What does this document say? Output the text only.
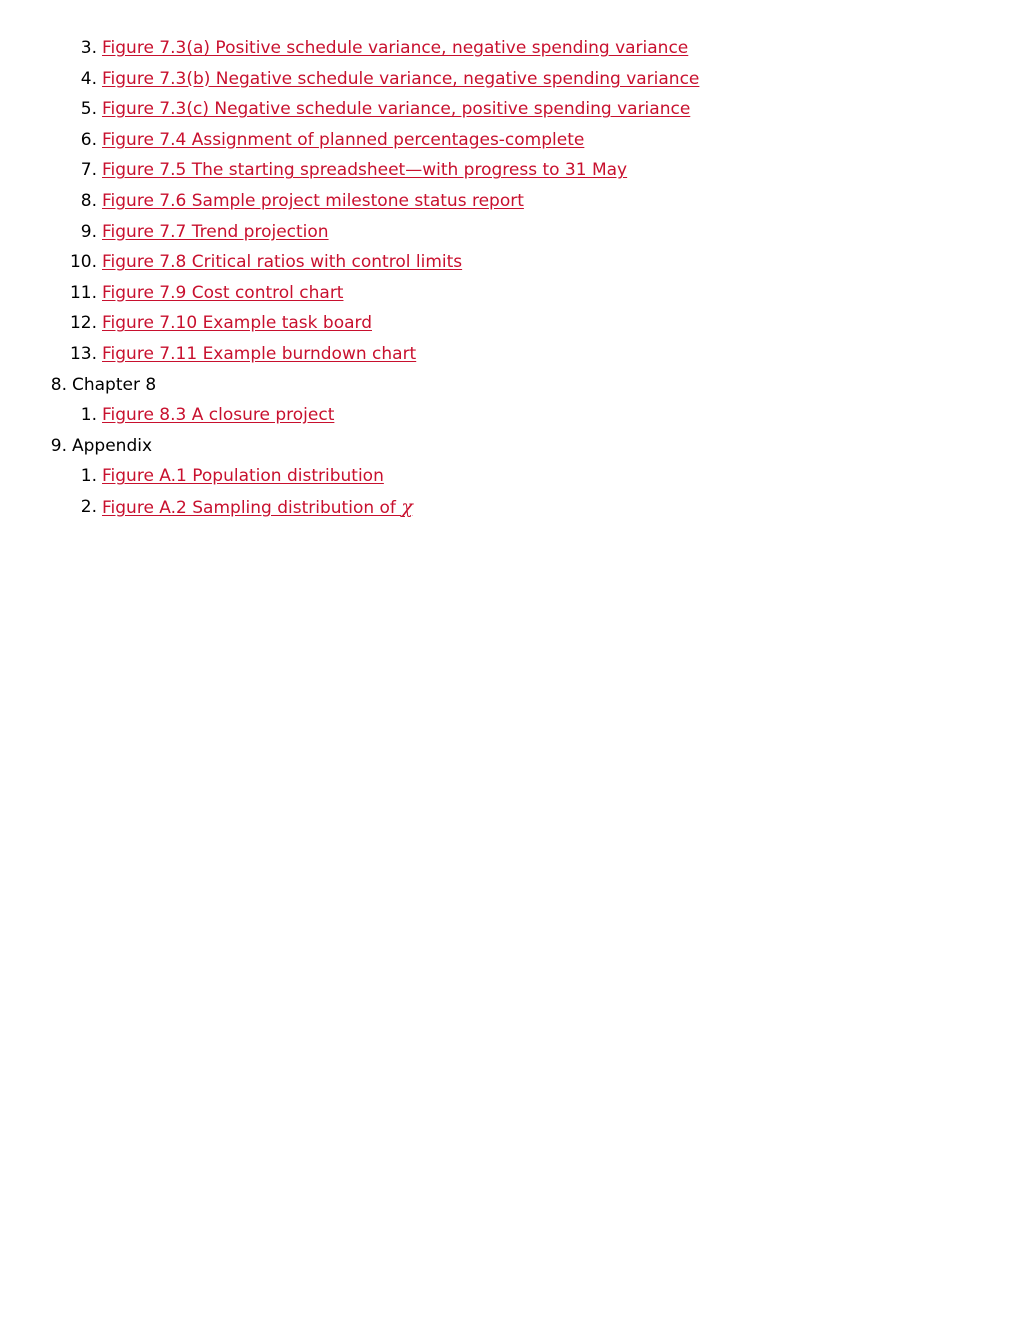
3. Figure 7.3(a) Positive schedule variance, negative spending variance
4. Figure 7.3(b) Negative schedule variance, negative spending variance
5. Figure 7.3(c) Negative schedule variance, positive spending variance
6. Figure 7.4 Assignment of planned percentages-complete
7. Figure 7.5 The starting spreadsheet—with progress to 31 May
8. Figure 7.6 Sample project milestone status report
9. Figure 7.7 Trend projection
10. Figure 7.8 Critical ratios with control limits
11. Figure 7.9 Cost control chart
12. Figure 7.10 Example task board
13. Figure 7.11 Example burndown chart
8. Chapter 8
1. Figure 8.3 A closure project
9. Appendix
1. Figure A.1 Population distribution
2. Figure A.2 Sampling distribution of χ
